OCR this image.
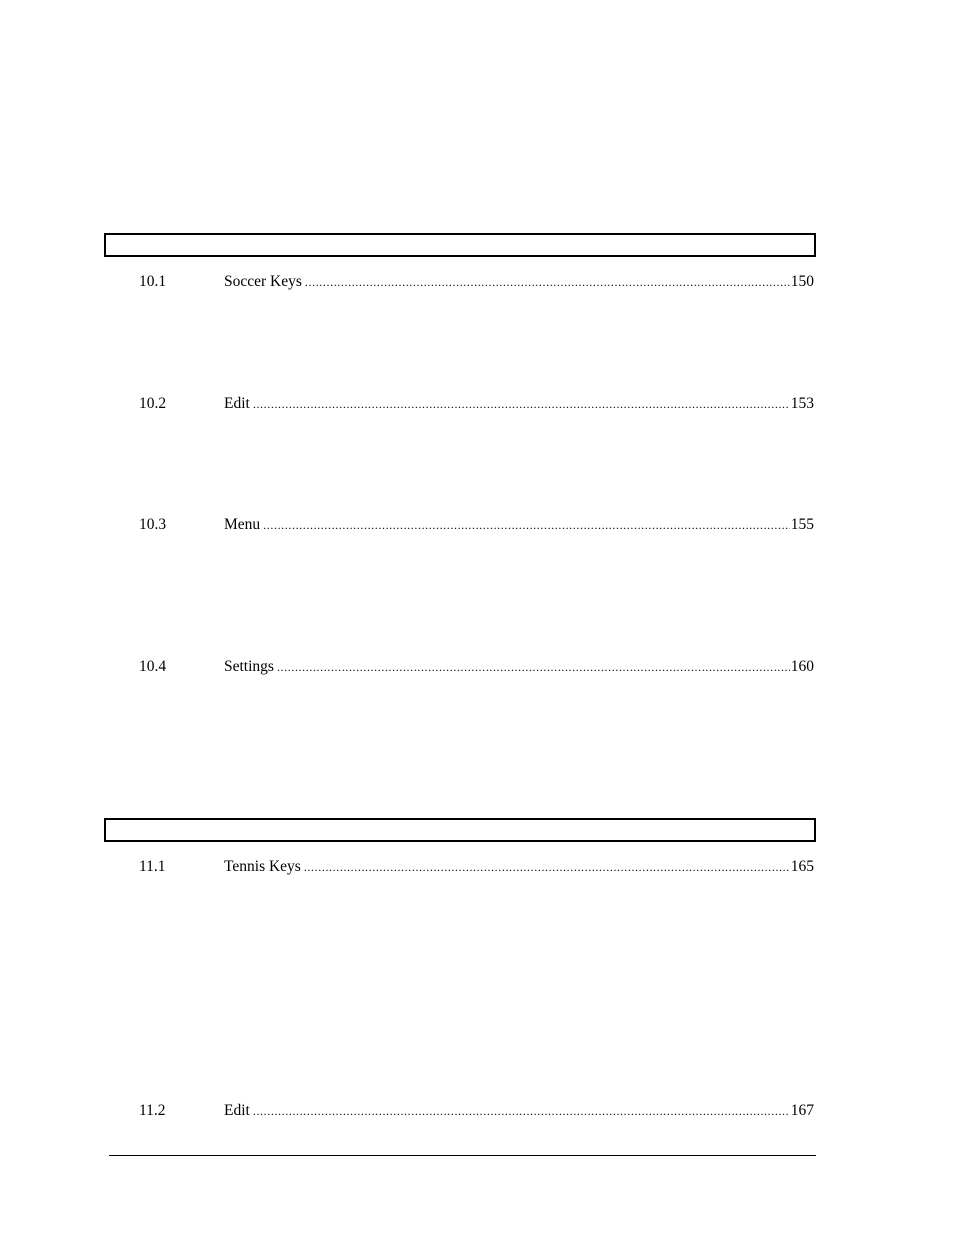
10.1	Soccer Keys .....	150
10.2	Edit .....	153
10.3	Menu .....	155
10.4	Settings .....	160
11.1	Tennis Keys .....	165
11.2	Edit .....	167
